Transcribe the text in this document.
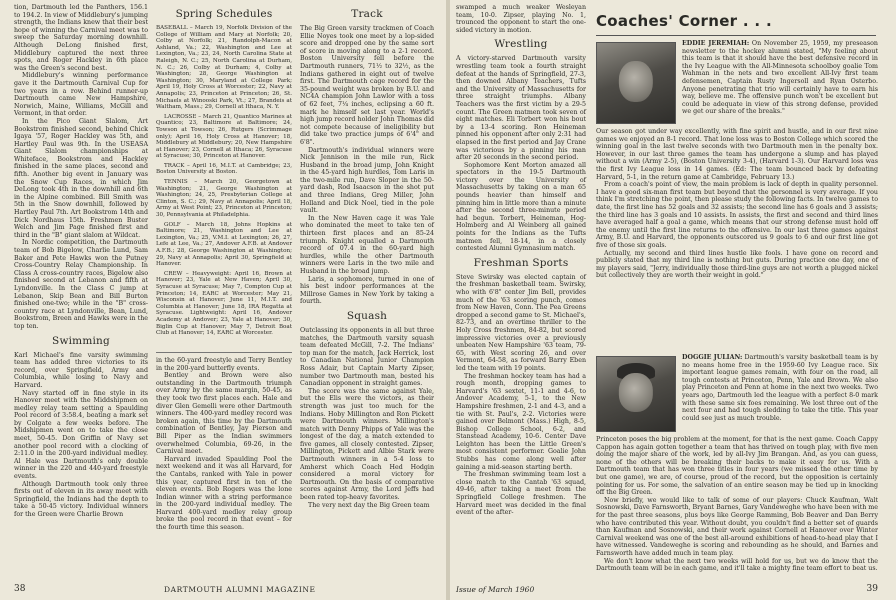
tion, Dartmouth led the Panthers, 156.1 to 194.2. In view of Middlebury's jumping strength, the Indians knew that their best hope of winning the Carnival meet was to sweep the Saturday morning downhill. Although DeLong finished first, Middlebury captured the next three spots, and Roger Hackley in 6th place was the Green's second best.

Middlebury's winning performance gave it the Dartmouth Carnival Cup for two years in a row. Behind runner-up Dartmouth came New Hampshire, Norwich, Maine, Williams, McGill and Vermont, in that order.

In the Pico Giant Slalom, Art Bookstrom finished second, behind Chick Igaya '57, Roger Hackley was 5th, and Hartley Paul was 9th. In the USEASA Giant Slalom championships at Whiteface, Bookstrom and Hackley finished in the same places, second and fifth. Another big event in January was the Snow Cup Races, in which Jim DeLong took 4th in the downhill and 6th in the Alpine combined. Bill Smith was 5th in the Snow downhill, followed by Hartley Paul 7th. Art Bookstrom 14th and Dick Nordhaus 15th. Freshmen Buster Welch and Jim Page finished first and third in the "B" giant slalom at Wildcat.

In Nordic competition, the Dartmouth team of Bob Bigelow, Charlie Lund, Sam Baker and Pete Hawks won the Putney Cross-Country Relay Championship. In Class A cross-country races, Bigelow also finished second at Lebanon and fifth at Lyndonville. In the Class C jump at Lebanon, Skip Bean and Bill Burton finished one-two; while in the "B" cross-country race at Lyndonville, Bean, Lund, Bookstrom, Breen and Hawks were in the top ten.

Swimming

Karl Michael's fine varsity swimming team has added three victories to its record, over Springfield, Army and Columbia, while losing to Navy and Harvard.

Navy started off in fine style in its Hanover meet with the Middshipmen on medley relay team setting a Spaulding Pool record of 3:58.4, beating a mark set by Colgate a few weeks before. The Midshipmen went on to take the close meet, 50-45. Don Griffin of Navy set another pool record with a clocking of 2:11.0 in the 200-yard individual medley. Al Hale was Dartmouth's only double winner in the 220 and 440-yard freestyle events.

Although Dartmouth took only three firsts out of eleven in its away meet with Springfield, the Indians had the depth to take a 50-45 victory. Individual winners for the Green were Charlie Brown

Spring Schedules

BASEBALL – March 19, Norfolk Division of the College of William and Mary at Norfolk; 20, Colby at Norfolk; 21, Randolph-Macon at Ashland, Va.; 22, Washington and Lee at Lexington, Va.; 23, 24, North Carolina State at Raleigh, N. C.; 25, North Carolina at Durham, N. C.; 26, Colby at Durham; 4, Colby at Washington; 28, George Washington at Washington; 30, Maryland at College Park; April 19, Holy Cross at Worcester; 22, Navy at Annapolis; 23, Princeton at Princeton; 26, St. Michaels at Winooski Park, Vt.; 27, Brandeis at Waltham, Mass.; 29, Cornell at Ithaca, N. Y.

LACROSSE – March 21, Quantico Marines at Quantico; 23, Baltimore at Baltimore; 24, Towson at Towson; 26, Rutgers (Scrimmage only); April 16, Holy Cross at Hanover; 18, Middlebury at Middlebury; 20, New Hampshire at Hanover; 23, Cornell at Ithaca; 26, Syracuse at Syracuse; 30, Princeton at Hanover.

TRACK – April 16, M.I.T. at Cambridge; 23, Boston University at Boston.

TENNIS – March 20, Georgetown at Washington; 21, George Washington at Washington; 24, 25, Presbyterian College at Clinton, S. C.; 29, Navy at Annapolis; April 18, Army at West Point; 23, Princeton at Princeton; 30, Pennsylvania at Philadelphia.

GOLF – March 18, Johns Hopkins at Baltimore; 21, Washington and Lee at Lexington, Va.; 25, V.M.I. at Lexington; 26, 27, Lefe at Lee, Va.; 27, Andover A.F.B. at Andover A.F.B.; 28, George Washington at Washington; 29, Navy at Annapolis; April 30, Springfield at Hanover.

CREW – Heavyweight: April 16, Brown at Hanover; 23, Yale at New Haven; April 30, Syracuse at Syracuse; May 7, Compton Cup at Princeton; 14, EARC at Worcester; May 21, Wisconsin at Hanover; June 11, M.I.T. and Columbia at Hanover; June 18, IRA Regatta at Syracuse. Lightweight: April 16, Andover Academy at Andover; 23, Yale at Hanover; 30, Biglin Cup at Hanover; May 7, Detroit Boat Club at Hanover; 14, EARC at Worcester.

in the 60-yard freestyle and Terry Bentley in the 200-yard butterfly events.

Bentley and Brown were also outstanding in the Dartmouth triumph over Army by the same margin, 50-45, as they took two first places each. Hale and diver Glen Gemelli were other Dartmouth winners. The 400-yard medley record was broken again, this time by the Dartmouth combination of Bentley, Jay Pierson and Bill Piper as the Indian swimmers overwhelmed Columbia, 69-26, in the Carnival meet.

Harvard invaded Spaulding Pool the next weekend and it was all Harvard, for the Cantabs, ranked with Yale in power this year, captured first in ten of the eleven events. Bob Rogers was the lone Indian winner with a string performance in the 200-yard individual medley. The Harvard 400-yard medley relay group broke the pool record in that event – for the fourth time this season.

Track

The Big Green varsity trackmen of Coach Ellie Noyes took one meet by a lop-sided score and dropped one by the same sort of score in moving along to a 2-1 record. Boston University fell before the Dartmouth runners, 71½ to 32½, as the Indians gathered in eight out of twelve first. The Dartmouth cage record for the 35-pound weight was broken by B.U. and NC4A champion John Lawlor with a toss of 62 feet, 7¼ inches, eclipsing a 60 ft. mark he himself set last year. World's high jump record holder John Thomas did not compete because of ineligibility but did take two practice jumps of 6'4" and 6'8".

Dartmouth's individual winners were Nick Jennison in the mile run, Rick Husband in the broad jump, John Knight in the 45-yard high hurdles, Tom Laris in the two-mile run, Dave Sloper in the 50-yard dash, Rod Isaacson in the shot put and three Indians, Greg Miller, John Holland and Dick Noel, tied in the pole vault.

In the New Haven cage it was Yale who dominated the meet to take ten of thirteen first places and an 85-24 triumph. Knight equalled a Dartmouth record of 07.4 in the 60-yard high hurdles, while the other Dartmouth winners were Laris in the two mile and Husband in the broad jump.

Laris, a sophomore, turned in one of his best indoor performances at the Millrose Games in New York by taking a fourth.

Squash

Outclassing its opponents in all but three matches, the Dartmouth varsity squash team defeated McGill, 7-2. The Indians' top man for the match, Jack Herrick, lost to Canadian National Junior Champion Ross Adair, but Captain Marty Zipser, number two Dartmouth man, bested his Canadian opponent in straight games.

The score was the same against Yale, but the Elis were the victors, as their strength was just too much for the Indians. Hoby Millington and Ron Pickett were Dartmouth winners. Millington's match with Denny Phipps of Yale was the longest of the day, a match extended to five games, all closely contested. Zipser, Millington, Pickett and Albie Stark were Dartmouth winners in a 5-4 loss to Amherst which Coach Hed Hodgin considered a moral victory for Dartmouth. On the basis of comparative scores against Army, the Lord Jeffs had been rated top-heavy favorites.

The very next day the Big Green team

38	DARTMOUTH ALUMNI MAGAZINE

swamped a much weaker Wesleyan team, 10-0. Zipser, playing No. 1, trounced the opponent to start the one-sided victory in motion.

Wrestling

A victory-starved Dartmouth varsity wrestling team took a fourth straight defeat at the hands of Springfield, 27-3, then downed Albany Teachers, Tufts and the University of Massachusetts for three straight triumphs. Albany Teachers was the first victim by a 29-5 count. The Green matmen took seven of eight matches. Eli Torbert won his bout by a 13-4 scoring. Ron Heineman pinned his opponent after only 2:31 had elapsed in the first period and Jay Crane was victorious by a pinning his man after 20 seconds in the second period.

Sophomore Kent Morton amazed all spectators in the 19-5 Dartmouth victory over the University of Massachusetts by taking on a man 65 pounds heavier than himself and pinning him in little more than a minute after the second three-minute period had begun. Torbert, Heineman, Hog-Holmberg and Al Weinberg all gained points for the Indians as the Tufts matmen fell, 18-14, in a closely contested Alumni Gymnasium match.

Freshman Sports

Steve Swirsky was elected captain of the freshman basketball team. Swirsky, who with 6'8" center Jim Bell, provides much of the '63 scoring punch, comes from New Haven, Conn. The Pea Greens dropped a second game to St. Michael's, 82-73, and an overtime thriller to the Holy Cross freshmen, 84-82, but scored impressive victories over a previously unbeaten New Hampshire '63 team, 79-65, with West scoring 26, and over Vermont, 64-58, as forward Barry Eben led the team with 19 points.

The freshman hockey team has had a rough month, dropping games to Harvard's '63 sextet, 11-1 and 4-6, to Andover Academy, 5-1, to the New Hampshire freshmen, 2-1 and 4-3, and a tie with St. Paul's, 2-2. Victories were gained over Belmont (Mass.) High, 8-5, Bishop College School, 6-2, and Stanstead Academy, 10-6. Center Dave Leighton has been the Little Green's most consistent performer. Goalie John Stubbs has come along well after gaining a mid-season starting berth.

The freshman swimming team lost a close match to the Cantab '63 squad, 49-46, after taking a meet from the Springfield College freshmen. The Harvard meet was decided in the final event of the after-

Coaches' Corner . . .

EDDIE JEREMIAH: On November 25, 1959, my preseason newsletter to the hockey alumni stated, "My feeling about this team is that it should have the best defensive record in the Ivy League with the All-Minnesota schoolboy goalie Tom Wahman in the nets and two excellent All-Ivy first team defensemen, Captain Rusty Ingersoll and Ryan Osterbo. Anyone penetrating that trio will certainly have to earn his way, believe me. The offensive punch won't be excellent but could be adequate in view of this strong defense, provided we get our share of the breaks."

Our season got under way excellently, with fine spirit and hustle, and in our first nine games we enjoyed an 8-1 record. That lone loss was to Boston College which scored the winning goal in the last twelve seconds with two Dartmouth men in the penalty box. However, in our last three games the team has undergone a slump and has played without a win (Army 2-5), (Boston University 3-4), (Harvard 1-3). Our Harvard loss was the first Ivy League loss in 14 games. (Ed: The team bounced back by defeating Harvard, 5-1, in the return game at Cambridge, February 13.)

From a coach's point of view, the main problem is lack of depth in quality personnel. I have a good six-man first team but beyond that the personnel is very average. If you think I'm stretching the point, then please study the following facts. In twelve games to date, the first line has 52 goals and 32 assists; the second line has 6 goals and 3 assists; the third line has 3 goals and 10 assists. In assists, the first and second and third lines have averaged half a goal a game, which means that our strong defense must hold off the enemy until the first line returns to the offensive. In our last three games against Army, B.U. and Harvard, the opponents outscored us 9 goals to 6 and our first line got five of those six goals.

Actually, my second and third lines hustle like fools. I have gone on record and publicly stated that my third line is nothing but guts. During practice one day, one of my players said, "Jerry, individually those third-line guys are not worth a plugged nickel but collectively they are worth their weight in gold."

DOGGIE JULIAN: Dartmouth's varsity basketball team is by no means home free in the 1959-60 Ivy League race. Six important league games remain, with four on the road, all tough contests at Princeton, Penn, Yale and Brown. We also play Princeton and Penn at home in the next two weeks. Two years ago, Dartmouth led the league with a perfect 8-0 mark with these same six foes remaining. We lost three out of the next four and had tough sledding to take the title. This year could see just as much trouble.

Princeton poses the big problem at the moment, for that is the next game. Coach Cappy Cappon has again gotten together a team that has thrived on tough play, with five men doing the major share of the work, led by all-Ivy Jim Brangan. And, as you can guess, none of the others will be breaking their backs to make it easy for us. With a Dartmouth team that has won three titles in four years (we missed the other time by but one game), we are, of course, proud of the record, but the opposition is certainly pointing for us. For some, the salvation of an entire season may be tied up in knocking off the Big Green.

Now briefly, we would like to talk of some of our players: Chuck Kaufman, Walt Sosnowski, Dave Farnsworth, Bryant Barnes, Gary Vandeweghe who have been with me for the past three seasons, plus boys like George Ramming, Bob Beaver and Dan Berry who have contributed this year. Without doubt, you couldn't find a better set of guards than Kaufman and Sosnowski, and their work against Cornell at Hanover over Winter Carnival weekend was one of the best all-around exhibitions of head-to-head play that I have witnessed. Vandeweghe is scoring and rebounding as he should, and Barnes and Farnsworth have added much in team play.

We don't know what the next two weeks will hold for us, but we do know that the Dartmouth team will be in each game, and it'll take a mighty fine team effort to beat us.

Issue of March 1960	39
